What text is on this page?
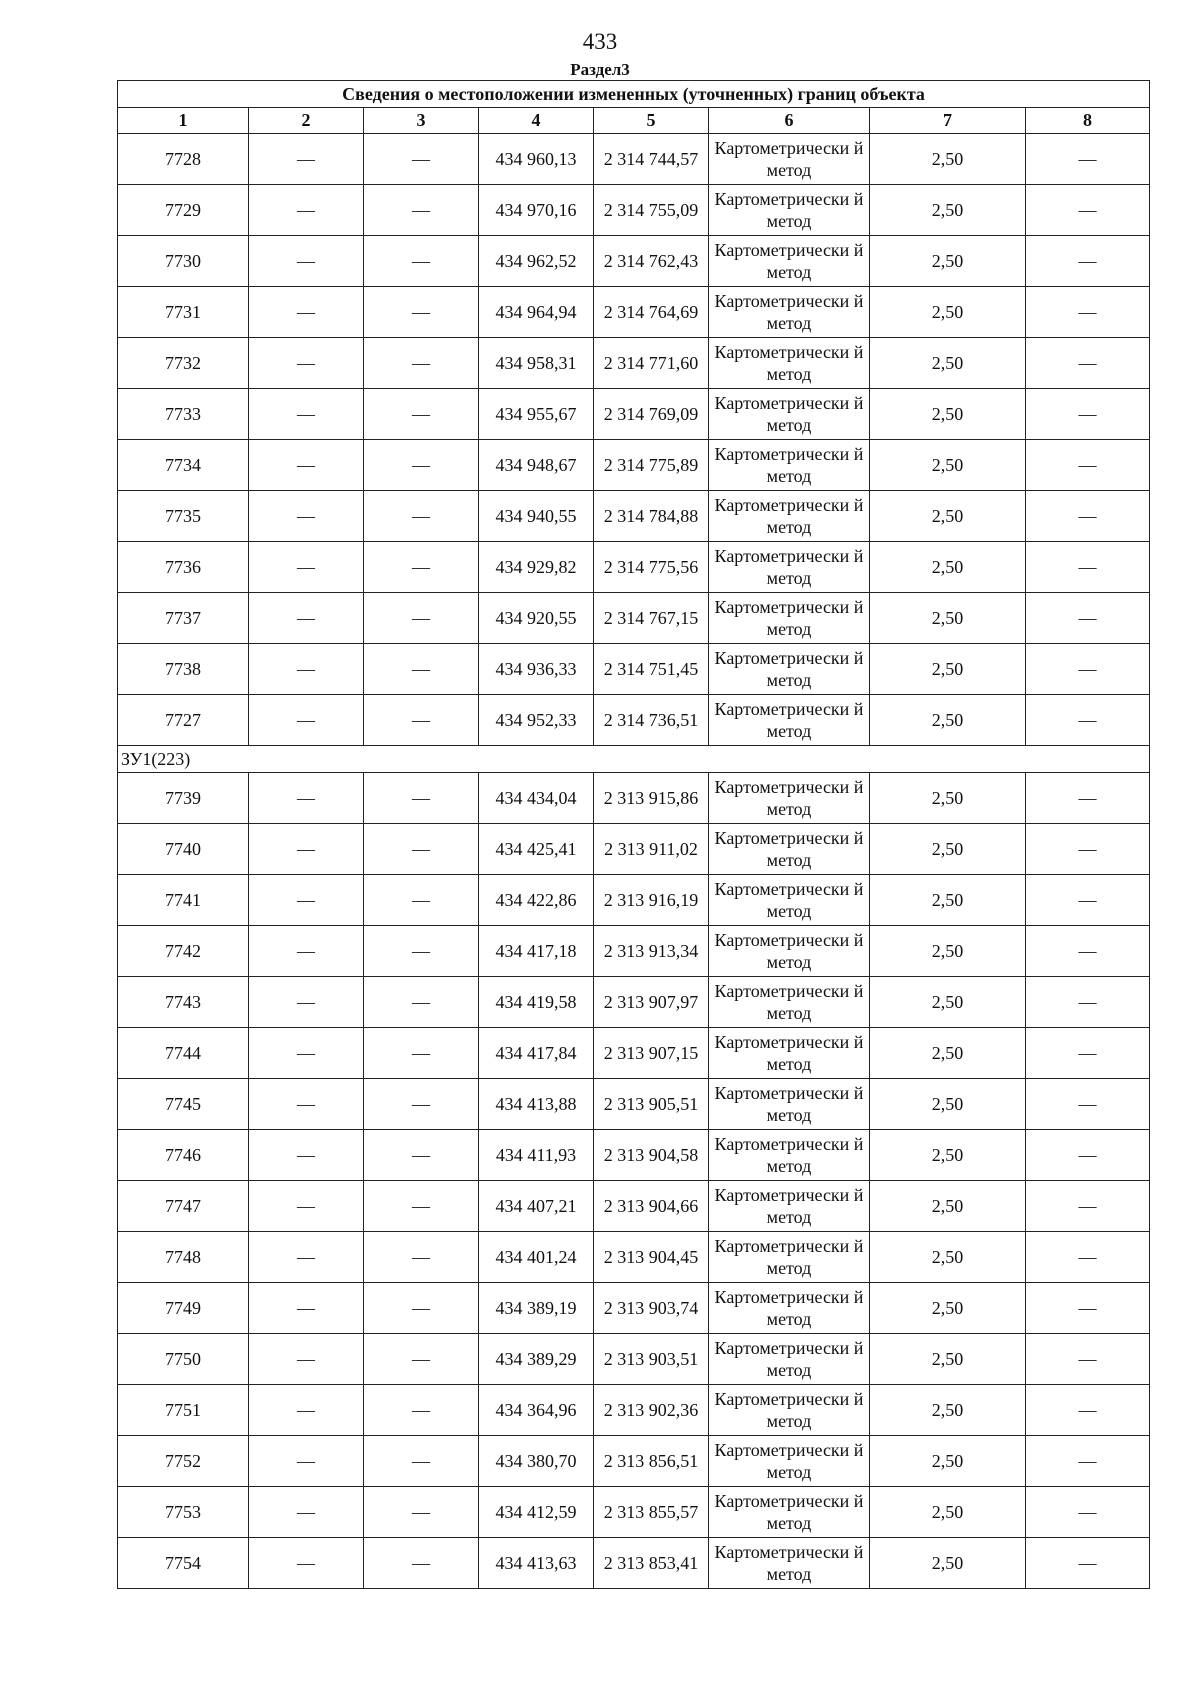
433
Раздел3
Сведения о местоположении измененных (уточненных) границ объекта							
1	2	3	4	5	6	7	8
7728	—	—	434 960,13	2 314 744,57	Картометрически й метод	2,50	—
7729	—	—	434 970,16	2 314 755,09	Картометрически й метод	2,50	—
7730	—	—	434 962,52	2 314 762,43	Картометрически й метод	2,50	—
7731	—	—	434 964,94	2 314 764,69	Картометрически й метод	2,50	—
7732	—	—	434 958,31	2 314 771,60	Картометрически й метод	2,50	—
7733	—	—	434 955,67	2 314 769,09	Картометрически й метод	2,50	—
7734	—	—	434 948,67	2 314 775,89	Картометрически й метод	2,50	—
7735	—	—	434 940,55	2 314 784,88	Картометрически й метод	2,50	—
7736	—	—	434 929,82	2 314 775,56	Картометрически й метод	2,50	—
7737	—	—	434 920,55	2 314 767,15	Картометрически й метод	2,50	—
7738	—	—	434 936,33	2 314 751,45	Картометрически й метод	2,50	—
7727	—	—	434 952,33	2 314 736,51	Картометрически й метод	2,50	—
ЗУ1(223)							
7739	—	—	434 434,04	2 313 915,86	Картометрически й метод	2,50	—
7740	—	—	434 425,41	2 313 911,02	Картометрически й метод	2,50	—
7741	—	—	434 422,86	2 313 916,19	Картометрически й метод	2,50	—
7742	—	—	434 417,18	2 313 913,34	Картометрически й метод	2,50	—
7743	—	—	434 419,58	2 313 907,97	Картометрически й метод	2,50	—
7744	—	—	434 417,84	2 313 907,15	Картометрически й метод	2,50	—
7745	—	—	434 413,88	2 313 905,51	Картометрически й метод	2,50	—
7746	—	—	434 411,93	2 313 904,58	Картометрически й метод	2,50	—
7747	—	—	434 407,21	2 313 904,66	Картометрически й метод	2,50	—
7748	—	—	434 401,24	2 313 904,45	Картометрически й метод	2,50	—
7749	—	—	434 389,19	2 313 903,74	Картометрически й метод	2,50	—
7750	—	—	434 389,29	2 313 903,51	Картометрически й метод	2,50	—
7751	—	—	434 364,96	2 313 902,36	Картометрически й метод	2,50	—
7752	—	—	434 380,70	2 313 856,51	Картометрически й метод	2,50	—
7753	—	—	434 412,59	2 313 855,57	Картометрически й метод	2,50	—
7754	—	—	434 413,63	2 313 853,41	Картометрически й метод	2,50	—
